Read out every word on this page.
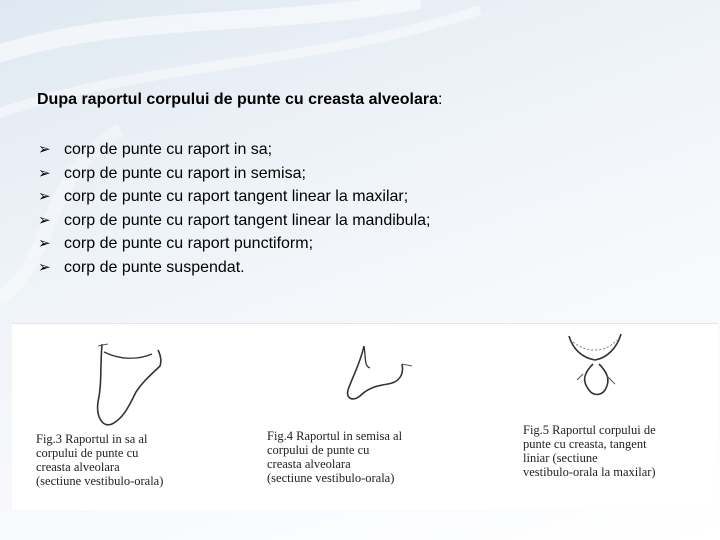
Dupa raportul corpului de punte cu creasta alveolara:
➢ corp de punte cu raport in sa;
➢ corp de punte cu raport in semisa;
➢ corp de punte cu raport tangent linear la maxilar;
➢ corp de punte cu raport tangent linear la mandibula;
➢ corp de punte cu raport punctiform;
➢ corp de punte suspendat.
Fig.3 Raportul in sa al
corpului de punte cu
creasta alveolara
(sectiune vestibulo-orala)
Fig.4 Raportul in semisa al
corpului de punte cu
creasta alveolara
(sectiune vestibulo-orala)
Fig.5 Raportul corpului de
punte cu creasta, tangent
liniar (sectiune
vestibulo-orala la maxilar)
